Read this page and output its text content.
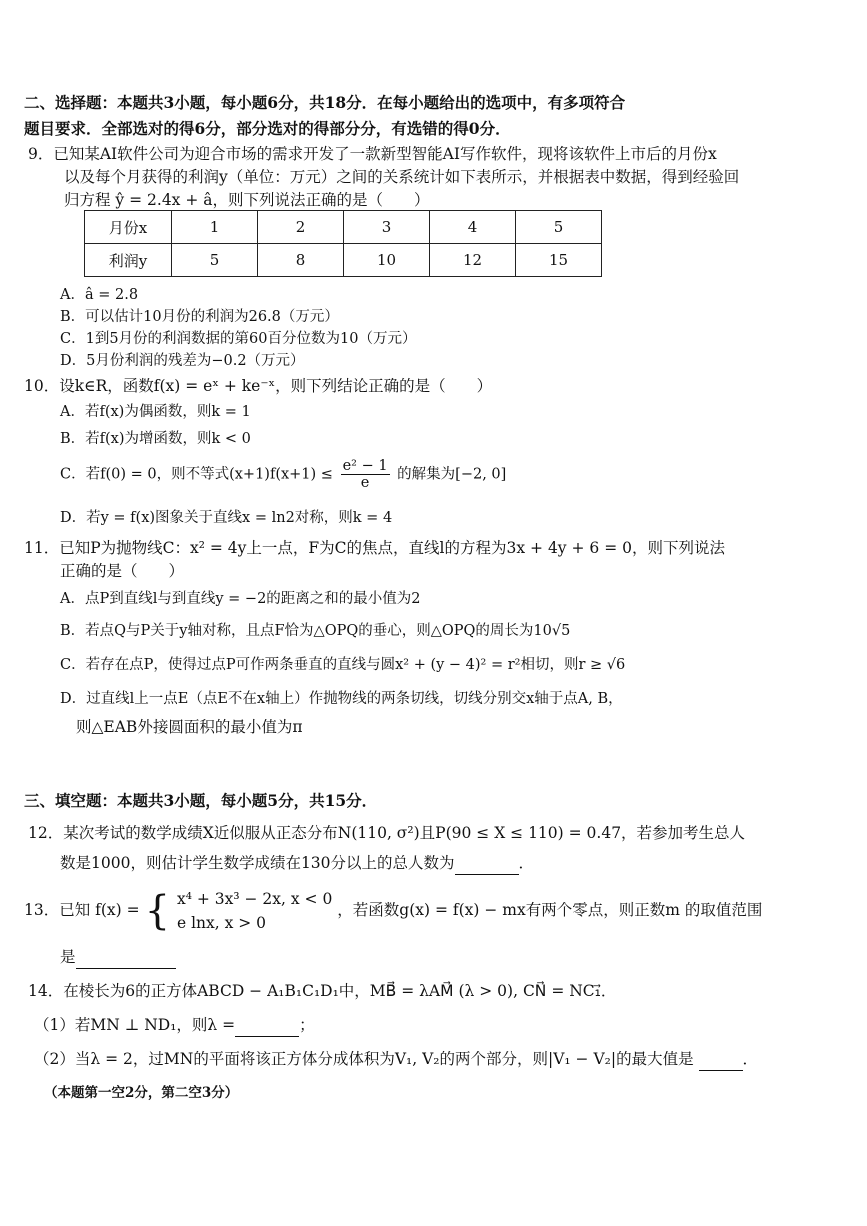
二、选择题：本题共3小题，每小题6分，共18分．在每小题给出的选项中，有多项符合
题目要求．全部选对的得6分，部分选对的得部分分，有选错的得0分．
9．已知某AI软件公司为迎合市场的需求开发了一款新型智能AI写作软件，现将该软件上市后的月份x
以及每个月获得的利润y（单位：万元）之间的关系统计如下表所示，并根据表中数据，得到经验回
归方程 ŷ = 2.4x + â，则下列说法正确的是（　　）
月份x	1	2	3	4	5
利润y	5	8	10	12	15
A．â = 2.8
B．可以估计10月份的利润为26.8（万元）
C．1到5月份的利润数据的第60百分位数为10（万元）
D．5月份利润的残差为−0.2（万元）
10．设k∈R，函数f(x) = eˣ + ke⁻ˣ，则下列结论正确的是（　　）
A．若f(x)为偶函数，则k = 1
B．若f(x)为增函数，则k < 0
C．若f(0) = 0，则不等式$(x+1)f(x+1) \le \frac{\text{e² − 1}}{e}$ 的解集为[−2, 0]
D．若y = f(x)图象关于直线x = ln2对称，则k = 4
11．已知P为抛物线C：x² = 4y上一点，F为C的焦点，直线l的方程为3x + 4y + 6 = 0，则下列说法
正确的是（　　）
A．点P到直线l与到直线y = −2的距离之和的最小值为2
B．若点Q与P关于y轴对称，且点F恰为△OPQ的垂心，则△OPQ的周长为10√5
C．若存在点P，使得过点P可作两条垂直的直线与圆x² + (y − 4)² = r²相切，则r ≥ √6
D．过直线l上一点E（点E不在x轴上）作抛物线的两条切线，切线分别交x轴于点A, B，
则△EAB外接圆面积的最小值为π
三、填空题：本题共3小题，每小题5分，共15分．
12．某次考试的数学成绩X近似服从正态分布N(110, σ²)且P(90 ≤ X ≤ 110) = 0.47，若参加考生总人
数是1000，则估计学生数学成绩在130分以上的总人数为	．
13．已知 f(x) = { x⁴ + 3x³ − 2x, x < 0
e lnx, x > 0
，若函数g(x) = f(x) − mx有两个零点，则正数m 的取值范围
是
14．在棱长为6的正方体ABCD − A₁B₁C₁D₁中，MB⃗ = λAM⃗ (λ > 0), CN⃗ = NC₁⃗．
（1）若MN ⊥ ND₁，则λ =	；
（2）当λ = 2，过MN的平面将该正方体分成体积为V₁, V₂的两个部分，则|V₁ − V₂|的最大值是	．
（本题第一空2分，第二空3分）
